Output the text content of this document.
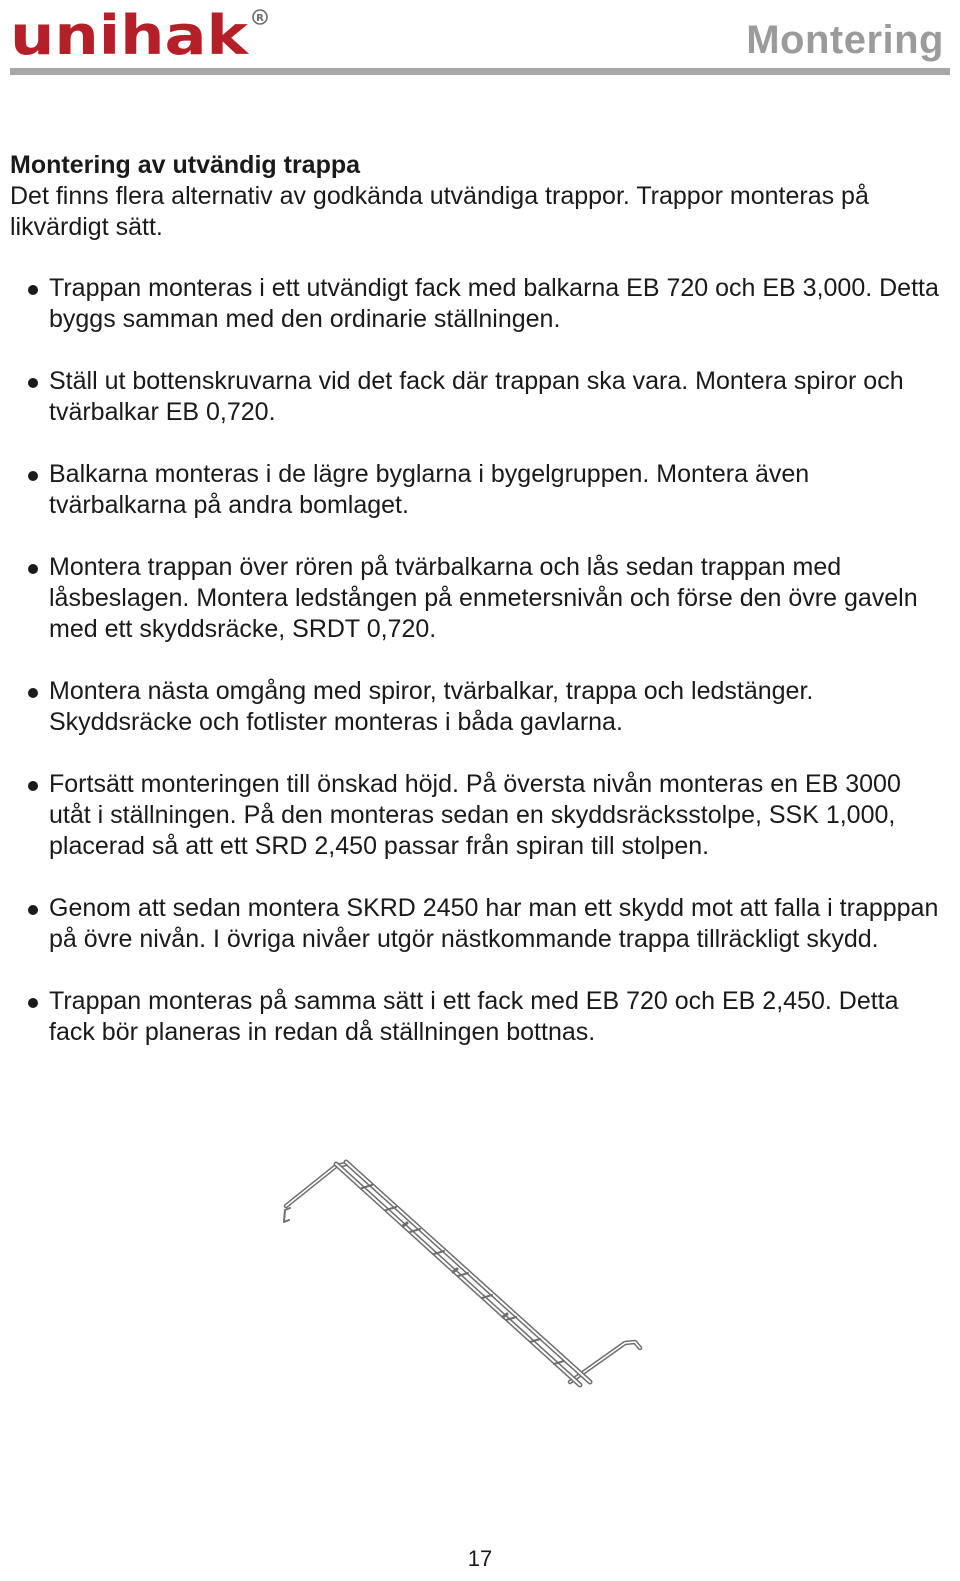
unihak R	Montering
Montering av utvändig trappa

Det finns flera alternativ av godkända utvändiga trappor. Trappor monteras på likvärdigt sätt.

Trappan monteras i ett utvändigt fack med balkarna EB 720 och EB 3,000. Detta byggs samman med den ordinarie ställningen.
Ställ ut bottenskruvarna vid det fack där trappan ska vara. Montera spiror och tvärbalkar EB 0,720.
Balkarna monteras i de lägre byglarna i bygelgruppen. Montera även tvärbalkarna på andra bomlaget.
Montera trappan över rören på tvärbalkarna och lås sedan trappan med låsbeslagen. Montera ledstången på enmetersnivån och förse den övre gaveln med ett skyddsräcke, SRDT 0,720.
Montera nästa omgång med spiror, tvärbalkar, trappa och ledstänger. Skyddsräcke och fotlister monteras i båda gavlarna.
Fortsätt monteringen till önskad höjd. På översta nivån monteras en EB 3000 utåt i ställningen. På den monteras sedan en skyddsräcksstolpe, SSK 1,000, placerad så att ett SRD 2,450 passar från spiran till stolpen.
Genom att sedan montera SKRD 2450 har man ett skydd mot att falla i trapppan på övre nivån. I övriga nivåer utgör nästkommande trappa tillräckligt skydd.
Trappan monteras på samma sätt i ett fack med EB 720 och EB 2,450. Detta fack bör planeras in redan då ställningen bottnas.
17
